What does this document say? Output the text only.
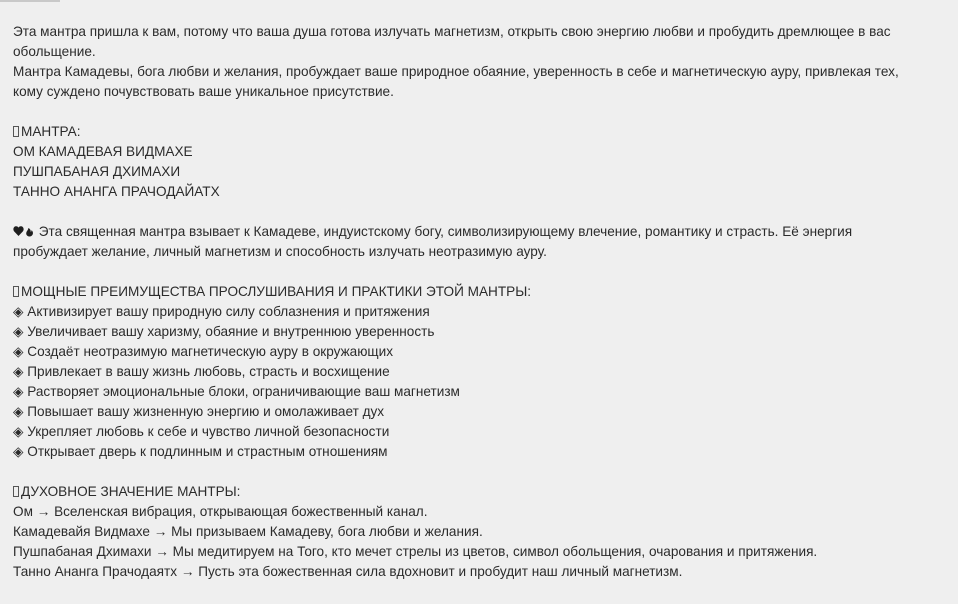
Эта мантра пришла к вам, потому что ваша душа готова излучать магнетизм, открыть свою энергию любви и пробудить дремлющее в вас
обольщение.
Мантра Камадевы, бога любви и желания, пробуждает ваше природное обаяние, уверенность в себе и магнетическую ауру, привлекая тех,
кому суждено почувствовать ваше уникальное присутствие.
МАНТРА:
ОМ КАМАДЕВАЯ ВИДМАХЕ
ПУШПАБАНАЯ ДХИМАХИ
ТАННО АНАНГА ПРАЧОДАЙАТХ
Эта священная мантра взывает к Камадеве, индуистскому богу, символизирующему влечение, романтику и страсть. Её энергия
пробуждает желание, личный магнетизм и способность излучать неотразимую ауру.
МОЩНЫЕ ПРЕИМУЩЕСТВА ПРОСЛУШИВАНИЯ И ПРАКТИКИ ЭТОЙ МАНТРЫ:
◈ Активизирует вашу природную силу соблазнения и притяжения
◈ Увеличивает вашу харизму, обаяние и внутреннюю уверенность
◈ Создаёт неотразимую магнетическую ауру в окружающих
◈ Привлекает в вашу жизнь любовь, страсть и восхищение
◈ Растворяет эмоциональные блоки, ограничивающие ваш магнетизм
◈ Повышает вашу жизненную энергию и омолаживает дух
◈ Укрепляет любовь к себе и чувство личной безопасности
◈ Открывает дверь к подлинным и страстным отношениям
ДУХОВНОЕ ЗНАЧЕНИЕ МАНТРЫ:
Ом → Вселенская вибрация, открывающая божественный канал.
Камадевайя Видмахе → Мы призываем Камадеву, бога любви и желания.
Пушпабаная Дхимахи → Мы медитируем на Того, кто мечет стрелы из цветов, символ обольщения, очарования и притяжения.
Танно Ананга Прачодаятх → Пусть эта божественная сила вдохновит и пробудит наш личный магнетизм.
